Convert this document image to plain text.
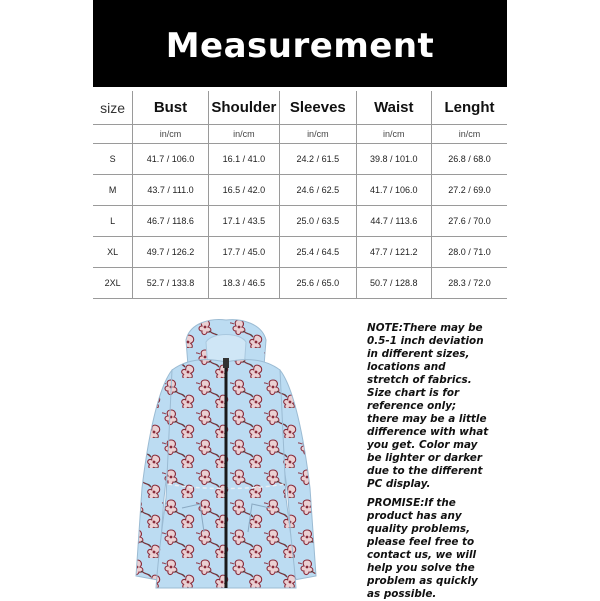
Measurement
size	Bust	Shoulder	Sleeves	Waist	Lenght
	in/cm	in/cm	in/cm	in/cm	in/cm
S	41.7 / 106.0	16.1 / 41.0	24.2 / 61.5	39.8 / 101.0	26.8 / 68.0
M	43.7 / 111.0	16.5 / 42.0	24.6 / 62.5	41.7 / 106.0	27.2 / 69.0
L	46.7 / 118.6	17.1 / 43.5	25.0 / 63.5	44.7 / 113.6	27.6 / 70.0
XL	49.7 / 126.2	17.7 / 45.0	25.4 / 64.5	47.7 / 121.2	28.0 / 71.0
2XL	52.7 / 133.8	18.3 / 46.5	25.6 / 65.0	50.7 / 128.8	28.3 / 72.0
NOTE:There may be 0.5-1 inch deviation in different sizes, locations and stretch of fabrics. Size chart is for reference only; there may be a little difference with what you get. Color may be lighter or darker due to the different PC display.
PROMISE:If the product has any quality problems, please feel free to contact us, we will help you solve the problem as quickly as possible.
